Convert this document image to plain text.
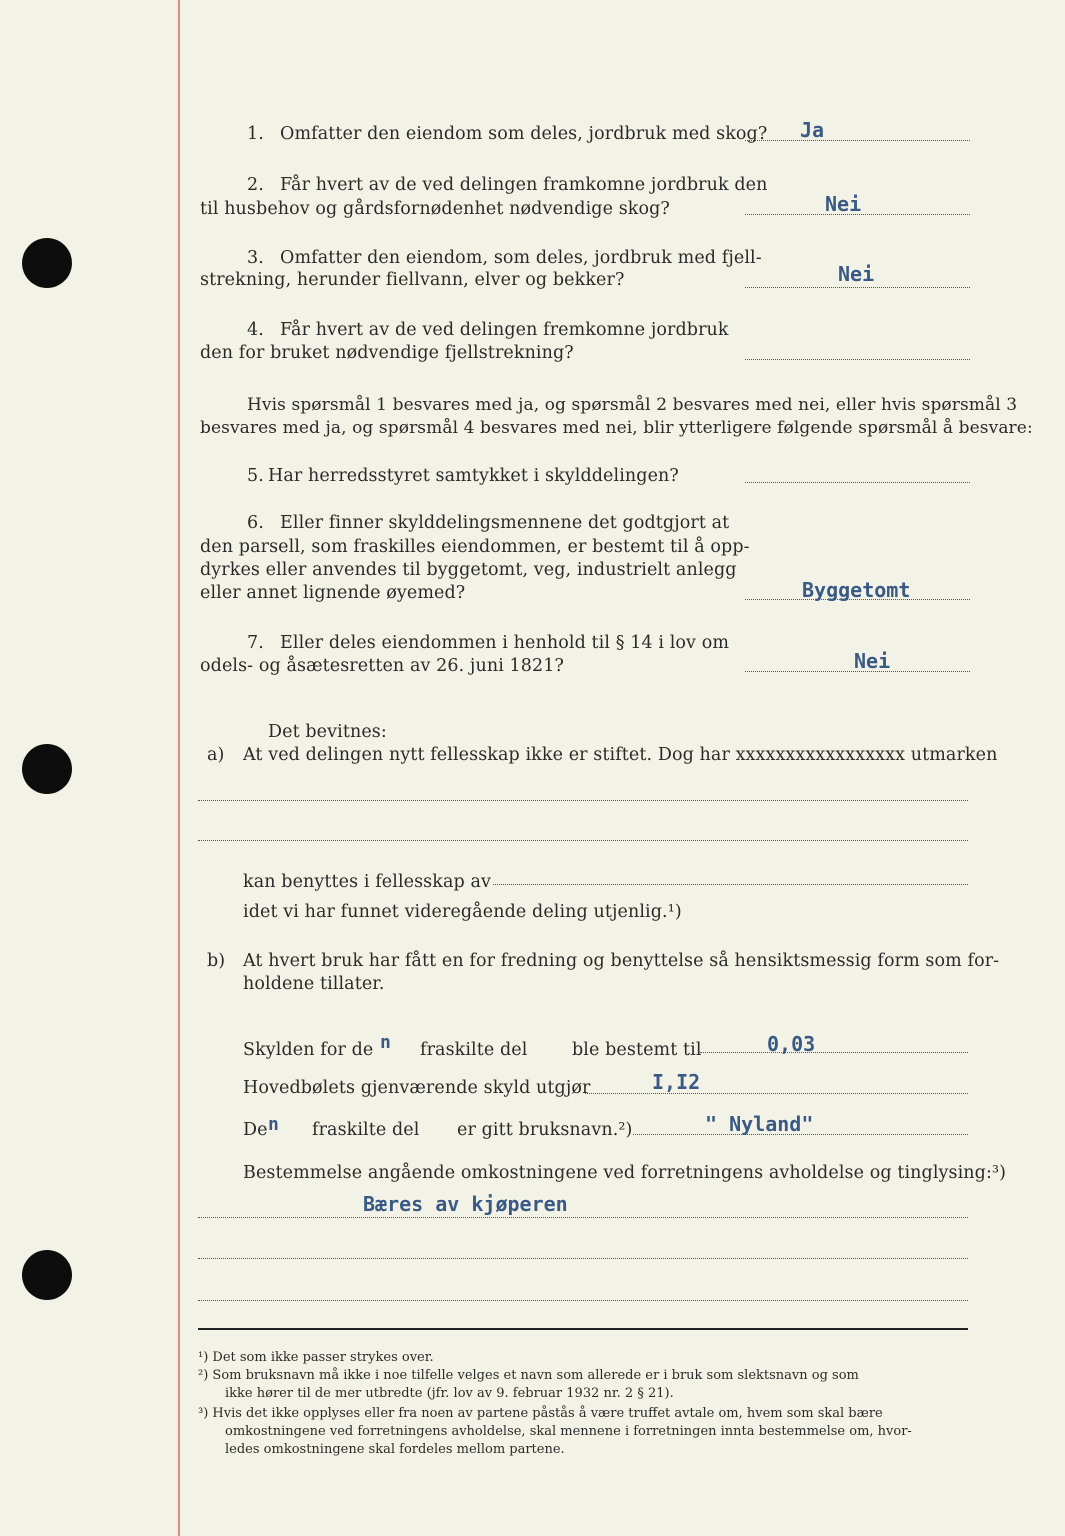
1. Omfatter den eiendom som deles, jordbruk med skog? Ja
2. Får hvert av de ved delingen framkomne jordbruk den
til husbehov og gårdsfornødenhet nødvendige skog?	Nei
3. Omfatter den eiendom, som deles, jordbruk med fjell-
strekning, herunder fiellvann, elver og bekker?	Nei
4. Får hvert av de ved delingen fremkomne jordbruk
den for bruket nødvendige fjellstrekning?
Hvis spørsmål 1 besvares med ja, og spørsmål 2 besvares med nei, eller hvis spørsmål 3
besvares med ja, og spørsmål 4 besvares med nei, blir ytterligere følgende spørsmål å besvare:
5. Har herredsstyret samtykket i skylddelingen?
6. Eller finner skylddelingsmennene det godtgjort at
den parsell, som fraskilles eiendommen, er bestemt til å opp-
dyrkes eller anvendes til byggetomt, veg, industrielt anlegg
eller annet lignende øyemed?	Byggetomt
7. Eller deles eiendommen i henhold til § 14 i lov om
odels- og åsætesretten av 26. juni 1821?	Nei
Det bevitnes:
a) At ved delingen nytt fellesskap ikke er stiftet. Dog har xxxxxxxxxxxxxxxxx utmarken
kan benyttes i fellesskap av
idet vi har funnet videregående deling utjenlig.¹)
b) At hvert bruk har fått en for fredning og benyttelse så hensiktsmessig form som for-
holdene tillater.
Skylden for de n fraskilte del	ble bestemt til	0,03
Hovedbølets gjenværende skyld utgjør	I,I2
De n fraskilte del er gitt bruksnavn.²)	" Nyland"
Bestemmelse angående omkostningene ved forretningens avholdelse og tinglysing:³)
Bæres av kjøperen
¹) Det som ikke passer strykes over.
²) Som bruksnavn må ikke i noe tilfelle velges et navn som allerede er i bruk som slektsnavn og som
ikke hører til de mer utbredte (jfr. lov av 9. februar 1932 nr. 2 § 21).
³) Hvis det ikke opplyses eller fra noen av partene påstås å være truffet avtale om, hvem som skal bære
omkostningene ved forretningens avholdelse, skal mennene i forretningen innta bestemmelse om, hvor-
ledes omkostningene skal fordeles mellom partene.
